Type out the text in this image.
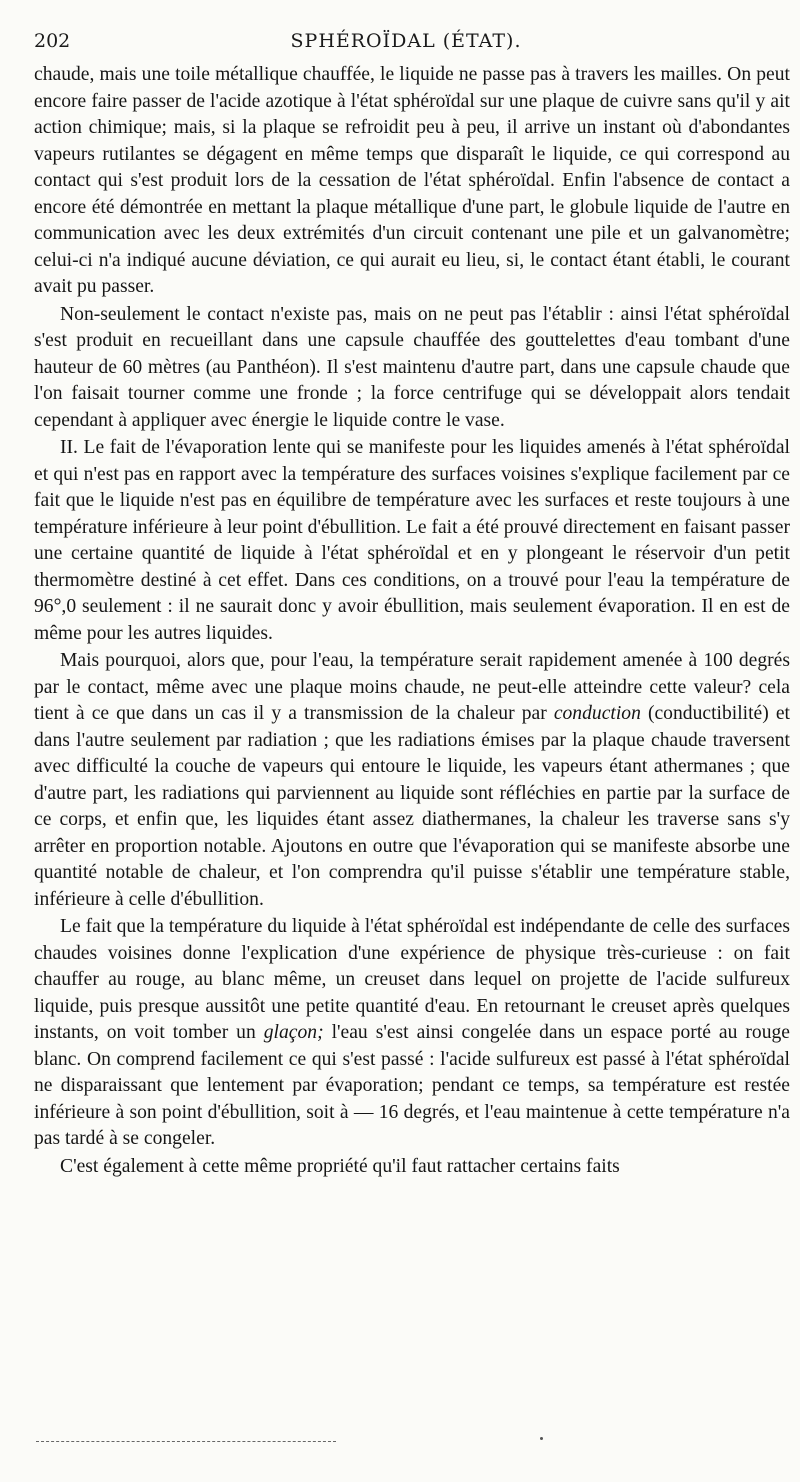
202	SPHÉROÏDAL (ÉTAT).

chaude, mais une toile métallique chauffée, le liquide ne passe pas à travers les mailles. On peut encore faire passer de l'acide azotique à l'état sphéroïdal sur une plaque de cuivre sans qu'il y ait action chimique; mais, si la plaque se refroidit peu à peu, il arrive un instant où d'abondantes vapeurs rutilantes se dégagent en même temps que disparaît le liquide, ce qui correspond au contact qui s'est produit lors de la cessation de l'état sphéroïdal. Enfin l'absence de contact a encore été démontrée en mettant la plaque métallique d'une part, le globule liquide de l'autre en communication avec les deux extrémités d'un circuit contenant une pile et un galvanomètre; celui-ci n'a indiqué aucune déviation, ce qui aurait eu lieu, si, le contact étant établi, le courant avait pu passer.

Non-seulement le contact n'existe pas, mais on ne peut pas l'établir : ainsi l'état sphéroïdal s'est produit en recueillant dans une capsule chauffée des gouttelettes d'eau tombant d'une hauteur de 60 mètres (au Panthéon). Il s'est maintenu d'autre part, dans une capsule chaude que l'on faisait tourner comme une fronde ; la force centrifuge qui se développait alors tendait cependant à appliquer avec énergie le liquide contre le vase.

II. Le fait de l'évaporation lente qui se manifeste pour les liquides amenés à l'état sphéroïdal et qui n'est pas en rapport avec la température des surfaces voisines s'explique facilement par ce fait que le liquide n'est pas en équilibre de température avec les surfaces et reste toujours à une température inférieure à leur point d'ébullition. Le fait a été prouvé directement en faisant passer une certaine quantité de liquide à l'état sphéroïdal et en y plongeant le réservoir d'un petit thermomètre destiné à cet effet. Dans ces conditions, on a trouvé pour l'eau la température de 96°,0 seulement : il ne saurait donc y avoir ébullition, mais seulement évaporation. Il en est de même pour les autres liquides.

Mais pourquoi, alors que, pour l'eau, la température serait rapidement amenée à 100 degrés par le contact, même avec une plaque moins chaude, ne peut-elle atteindre cette valeur? cela tient à ce que dans un cas il y a transmission de la chaleur par conduction (conductibilité) et dans l'autre seulement par radiation ; que les radiations émises par la plaque chaude traversent avec difficulté la couche de vapeurs qui entoure le liquide, les vapeurs étant athermanes ; que d'autre part, les radiations qui parviennent au liquide sont réfléchies en partie par la surface de ce corps, et enfin que, les liquides étant assez diathermanes, la chaleur les traverse sans s'y arrêter en proportion notable. Ajoutons en outre que l'évaporation qui se manifeste absorbe une quantité notable de chaleur, et l'on comprendra qu'il puisse s'établir une température stable, inférieure à celle d'ébullition.

Le fait que la température du liquide à l'état sphéroïdal est indépendante de celle des surfaces chaudes voisines donne l'explication d'une expérience de physique très-curieuse : on fait chauffer au rouge, au blanc même, un creuset dans lequel on projette de l'acide sulfureux liquide, puis presque aussitôt une petite quantité d'eau. En retournant le creuset après quelques instants, on voit tomber un glaçon; l'eau s'est ainsi congelée dans un espace porté au rouge blanc. On comprend facilement ce qui s'est passé : l'acide sulfureux est passé à l'état sphéroïdal ne disparaissant que lentement par évaporation; pendant ce temps, sa température est restée inférieure à son point d'ébullition, soit à — 16 degrés, et l'eau maintenue à cette température n'a pas tardé à se congeler.

C'est également à cette même propriété qu'il faut rattacher certains faits
